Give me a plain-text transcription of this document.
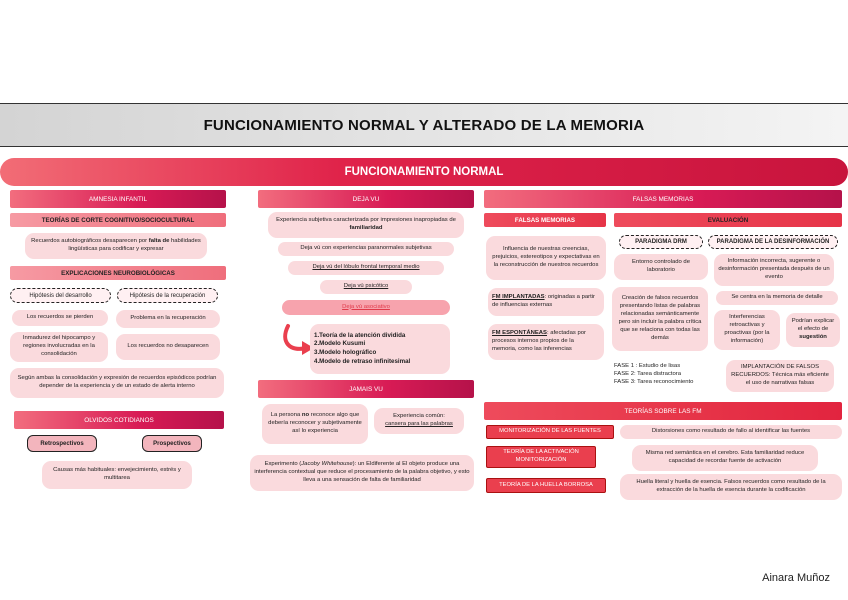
FUNCIONAMIENTO NORMAL Y ALTERADO DE LA MEMORIA
FUNCIONAMIENTO NORMAL
AMNESIA INFANTIL
TEORÍAS DE CORTE COGNITIVO/SOCIOCULTURAL
Recuerdos autobiográficos desaparecen por falta de habilidades lingüísticas para codificar y expresar
EXPLICACIONES NEUROBIOLÓGICAS
Hipótesis del desarrollo	Hipótesis de la recuperación
Los recuerdos se pierden	Problema en la recuperación
Inmadurez del hipocampo y regiones involucradas en la consolidación
Los recuerdos no desaparecen
Según ambas la consolidación y expresión de recuerdos episódicos podrían depender de la experiencia y de un estado de alerta interno
OLVIDOS COTIDIANOS
Retrospectivos	Prospectivos
Causas más habituales: envejecimiento, estrés y multitarea
DEJA VU
Experiencia subjetiva caracterizada por impresiones inapropiadas de familiaridad
Deja vú con experiencias paranormales subjetivas
Deja vú del lóbulo frontal temporal medio
Deja vú psicótico
Deja vú asociativo
1.Teoría de la atención dividida
2.Modelo Kusumi
3.Modelo holográfico
4.Modelo de retraso infinitesimal
JAMAIS VU
La persona no reconoce algo que debería reconocer y subjetivamente así lo experiencia
Experiencia común:
cansera para las palabras
Experimento (Jacoby Whitehouse): un Eldiferente al El objeto produce una interferencia contextual que reduce el procesamiento de la palabra objetivo, y esto lleva a una sensación de falta de familiaridad
FALSAS MEMORIAS
FALSAS MEMORIAS
Influencia de nuestras creencias, prejuicios, estereotipos y expectativas en la reconstrucción de nuestros recuerdos
FM IMPLANTADAS: originadas a partir de influencias externas
FM ESPONTÁNEAS: afectadas por procesos internos propios de la memoria, como las inferencias
EVALUACIÓN
PARADIGMA DRM	PARADIGMA DE LA DESINFORMACIÓN
Entorno controlado de laboratorio
Información incorrecta, sugerente o desinformación presentada después de un evento
Creación de falsos recuerdos presentando listas de palabras relacionadas semánticamente pero sin incluir la palabra crítica que se relaciona con todas las demás
Se centra en la memoria de detalle
Interferencias retroactivas y proactivas (por la información)
Podrían explicar el efecto de sugestión
FASE 1 : Estudio de lisas
FASE 2: Tarea distractora
FASE 3: Tarea reconocimiento
IMPLANTACIÓN DE FALSOS RECUERDOS: Técnica más eficiente el uso de narrativas falsas
TEORÍAS SOBRE LAS FM
MONITORIZACIÓN DE LAS FUENTES	Distorsiones como resultado de fallo al identificar las fuentes
TEORÍA DE LA ACTIVACIÓN MONITORIZACIÓN
Misma red semántica en el cerebro. Esta familiaridad reduce capacidad de recordar fuente de activación
TEORÍA DE LA HUELLA BORROSA	Huella literal y huella de esencia. Falsos recuerdos como resultado de la extracción de la huella de esencia durante la codificación
Ainara Muñoz
